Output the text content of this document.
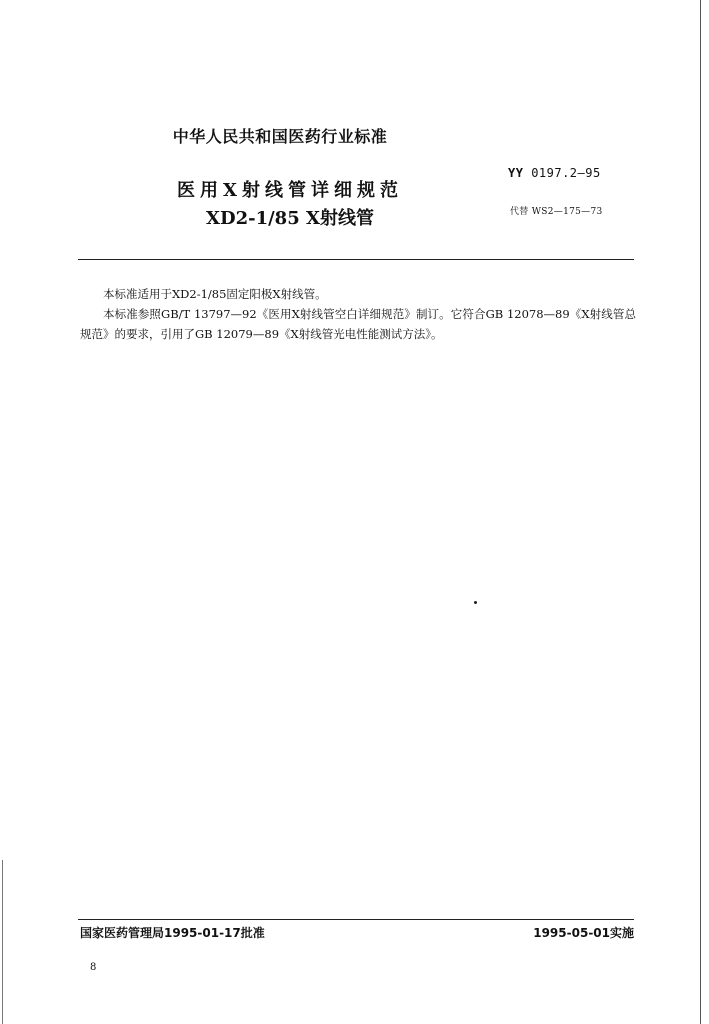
中华人民共和国医药行业标准
医用X射线管详细规范
XD2-1/85 X射线管
YY 0197.2—95
代替 WS2—175—73

本标准适用于XD2-1/85固定阳极X射线管。

本标准参照GB/T 13797—92《医用X射线管空白详细规范》制订。它符合GB 12078—89《X射线管总规范》的要求，引用了GB 12079—89《X射线管光电性能测试方法》。

国家医药管理局1995-01-17批准	1995-05-01实施
8
